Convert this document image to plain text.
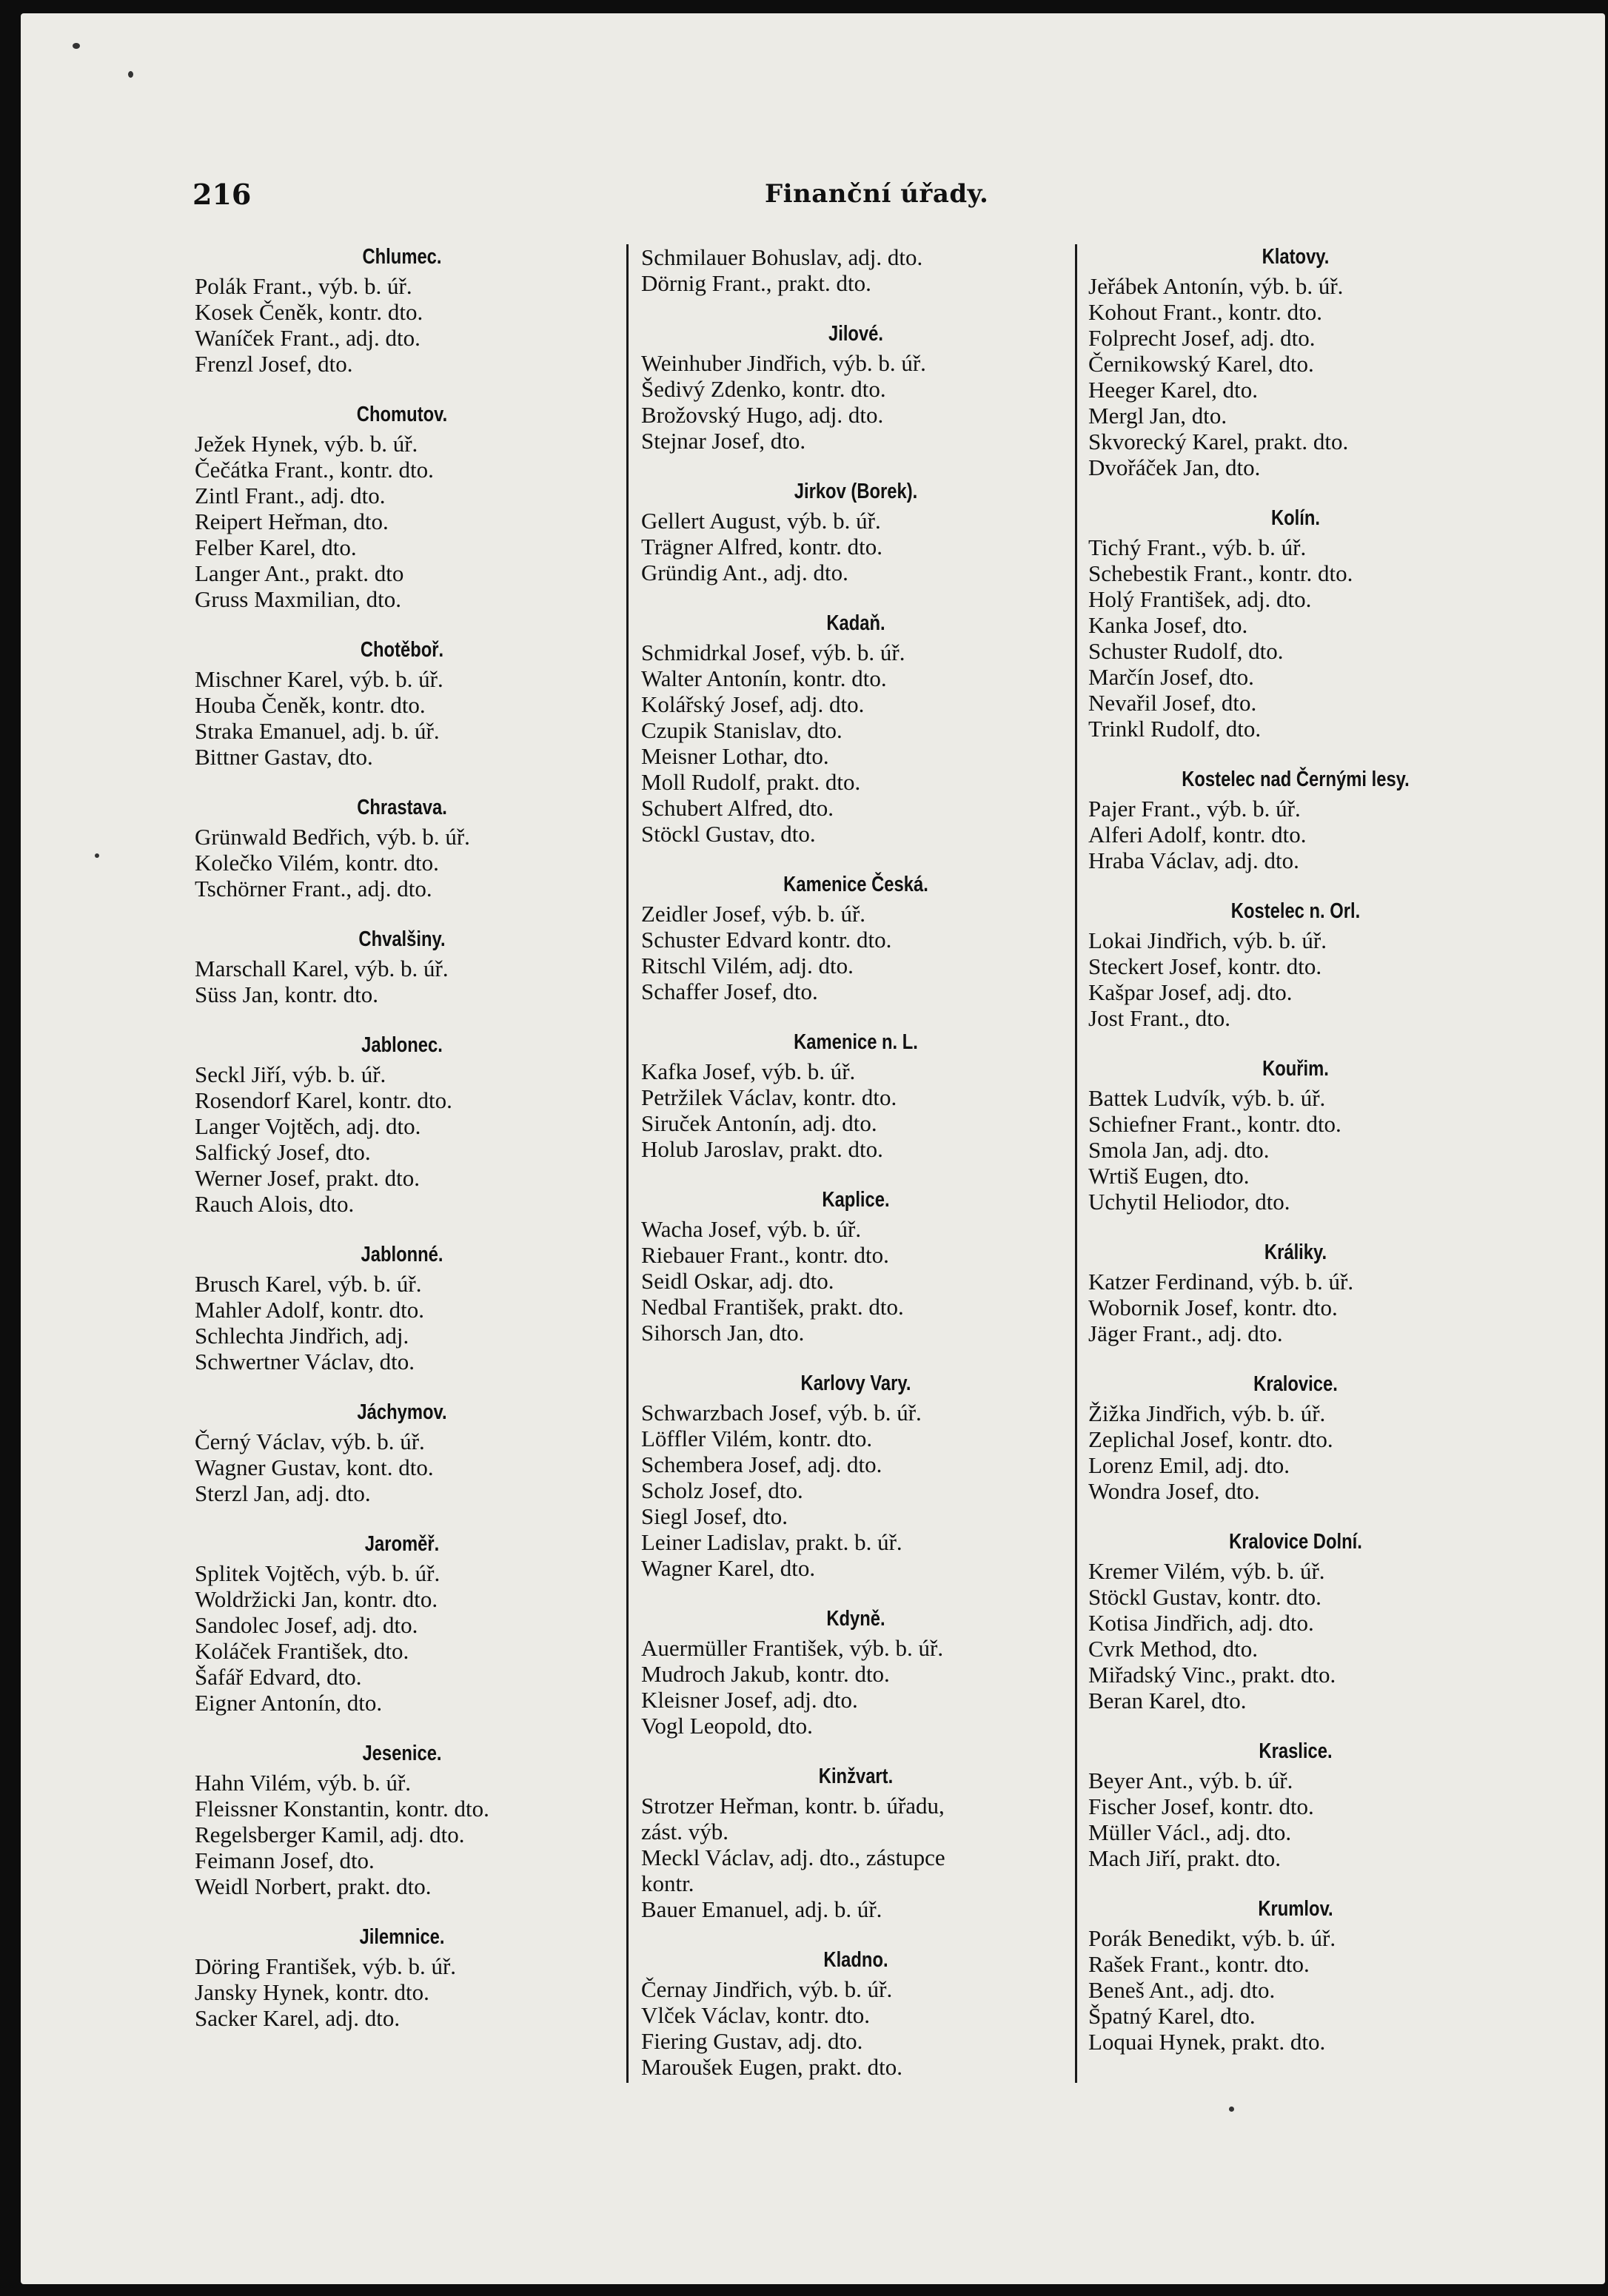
216	Finanční úřady.
Chlumec.
Polák Frant., výb. b. úř.
Kosek Čeněk, kontr. dto.
Waníček Frant., adj. dto.
Frenzl Josef, dto.
Chomutov.
Ježek Hynek, výb. b. úř.
Čečátka Frant., kontr. dto.
Zintl Frant., adj. dto.
Reipert Heřman, dto.
Felber Karel, dto.
Langer Ant., prakt. dto
Gruss Maxmilian, dto.
Chotěboř.
Mischner Karel, výb. b. úř.
Houba Čeněk, kontr. dto.
Straka Emanuel, adj. b. úř.
Bittner Gastav, dto.
Chrastava.
Grünwald Bedřich, výb. b. úř.
Kolečko Vilém, kontr. dto.
Tschörner Frant., adj. dto.
Chvalšiny.
Marschall Karel, výb. b. úř.
Süss Jan, kontr. dto.
Jablonec.
Seckl Jiří, výb. b. úř.
Rosendorf Karel, kontr. dto.
Langer Vojtěch, adj. dto.
Salfický Josef, dto.
Werner Josef, prakt. dto.
Rauch Alois, dto.
Jablonné.
Brusch Karel, výb. b. úř.
Mahler Adolf, kontr. dto.
Schlechta Jindřich, adj.
Schwertner Václav, dto.
Jáchymov.
Černý Václav, výb. b. úř.
Wagner Gustav, kont. dto.
Sterzl Jan, adj. dto.
Jaroměř.
Splitek Vojtěch, výb. b. úř.
Woldržicki Jan, kontr. dto.
Sandolec Josef, adj. dto.
Koláček František, dto.
Šafář Edvard, dto.
Eigner Antonín, dto.
Jesenice.
Hahn Vilém, výb. b. úř.
Fleissner Konstantin, kontr. dto.
Regelsberger Kamil, adj. dto.
Feimann Josef, dto.
Weidl Norbert, prakt. dto.
Jilemnice.
Döring František, výb. b. úř.
Jansky Hynek, kontr. dto.
Sacker Karel, adj. dto.
Schmilauer Bohuslav, adj. dto.
Dörnig Frant., prakt. dto.
Jilové.
Weinhuber Jindřich, výb. b. úř.
Šedivý Zdenko, kontr. dto.
Brožovský Hugo, adj. dto.
Stejnar Josef, dto.
Jirkov (Borek).
Gellert August, výb. b. úř.
Trägner Alfred, kontr. dto.
Gründig Ant., adj. dto.
Kadaň.
Schmidrkal Josef, výb. b. úř.
Walter Antonín, kontr. dto.
Kolářský Josef, adj. dto.
Czupik Stanislav, dto.
Meisner Lothar, dto.
Moll Rudolf, prakt. dto.
Schubert Alfred, dto.
Stöckl Gustav, dto.
Kamenice Česká.
Zeidler Josef, výb. b. úř.
Schuster Edvard kontr. dto.
Ritschl Vilém, adj. dto.
Schaffer Josef, dto.
Kamenice n. L.
Kafka Josef, výb. b. úř.
Petržilek Václav, kontr. dto.
Siruček Antonín, adj. dto.
Holub Jaroslav, prakt. dto.
Kaplice.
Wacha Josef, výb. b. úř.
Riebauer Frant., kontr. dto.
Seidl Oskar, adj. dto.
Nedbal František, prakt. dto.
Sihorsch Jan, dto.
Karlovy Vary.
Schwarzbach Josef, výb. b. úř.
Löffler Vilém, kontr. dto.
Schembera Josef, adj. dto.
Scholz Josef, dto.
Siegl Josef, dto.
Leiner Ladislav, prakt. b. úř.
Wagner Karel, dto.
Kdyně.
Auermüller František, výb. b. úř.
Mudroch Jakub, kontr. dto.
Kleisner Josef, adj. dto.
Vogl Leopold, dto.
Kinžvart.
Strotzer Heřman, kontr. b. úřadu,
zást. výb.
Meckl Václav, adj. dto., zástupce
kontr.
Bauer Emanuel, adj. b. úř.
Kladno.
Černay Jindřich, výb. b. úř.
Vlček Václav, kontr. dto.
Fiering Gustav, adj. dto.
Maroušek Eugen, prakt. dto.
Klatovy.
Jeřábek Antonín, výb. b. úř.
Kohout Frant., kontr. dto.
Folprecht Josef, adj. dto.
Černikowský Karel, dto.
Heeger Karel, dto.
Mergl Jan, dto.
Skvorecký Karel, prakt. dto.
Dvořáček Jan, dto.
Kolín.
Tichý Frant., výb. b. úř.
Schebestik Frant., kontr. dto.
Holý František, adj. dto.
Kanka Josef, dto.
Schuster Rudolf, dto.
Marčín Josef, dto.
Nevařil Josef, dto.
Trinkl Rudolf, dto.
Kostelec nad Černými lesy.
Pajer Frant., výb. b. úř.
Alferi Adolf, kontr. dto.
Hraba Václav, adj. dto.
Kostelec n. Orl.
Lokai Jindřich, výb. b. úř.
Steckert Josef, kontr. dto.
Kašpar Josef, adj. dto.
Jost Frant., dto.
Kouřim.
Battek Ludvík, výb. b. úř.
Schiefner Frant., kontr. dto.
Smola Jan, adj. dto.
Wrtiš Eugen, dto.
Uchytil Heliodor, dto.
Králiky.
Katzer Ferdinand, výb. b. úř.
Wobornik Josef, kontr. dto.
Jäger Frant., adj. dto.
Kralovice.
Žižka Jindřich, výb. b. úř.
Zeplichal Josef, kontr. dto.
Lorenz Emil, adj. dto.
Wondra Josef, dto.
Kralovice Dolní.
Kremer Vilém, výb. b. úř.
Stöckl Gustav, kontr. dto.
Kotisa Jindřich, adj. dto.
Cvrk Method, dto.
Miřadský Vinc., prakt. dto.
Beran Karel, dto.
Kraslice.
Beyer Ant., výb. b. úř.
Fischer Josef, kontr. dto.
Müller Václ., adj. dto.
Mach Jiří, prakt. dto.
Krumlov.
Porák Benedikt, výb. b. úř.
Rašek Frant., kontr. dto.
Beneš Ant., adj. dto.
Špatný Karel, dto.
Loquai Hynek, prakt. dto.
